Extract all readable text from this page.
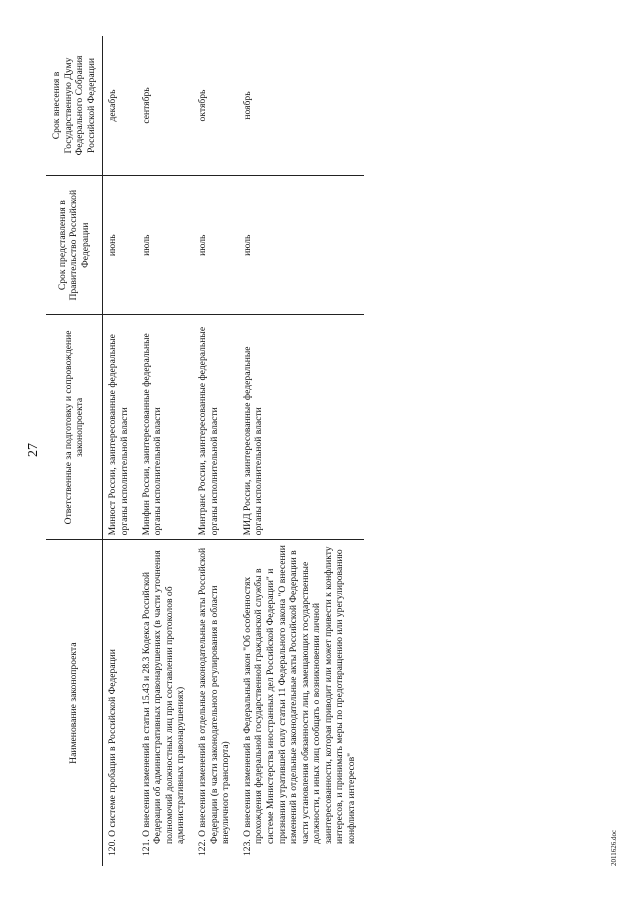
27
Наименование законопроекта	Ответственные за подготовку и сопровождение законопроекта	Срок представления в Правительство Российской Федерации	Срок внесения в Государственную Думу Федерального Собрания Российской Федерации
120. О системе пробации в Российской Федерации	Минюст России, заинтересованные федеральные органы исполнительной власти	июнь	декабрь
121. О внесении изменений в статьи 15.43 и 28.3 Кодекса Российской Федерации об административных правонарушениях (в части уточнения полномочий должностных лиц при составлении протоколов об административных правонарушениях)	Минфин России, заинтересованные федеральные органы исполнительной власти	июль	сентябрь
122. О внесении изменений в отдельные законодательные акты Российской Федерации (в части законодательного регулирования в области внеуличного транспорта)	Минтранс России, заинтересованные федеральные органы исполнительной власти	июль	октябрь
123. О внесении изменений в Федеральный закон "Об особенностях прохождения федеральной государственной гражданской службы в системе Министерства иностранных дел Российской Федерации" и признании утратившей силу статьи 11 Федерального закона "О внесении изменений в отдельные законодательные акты Российской Федерации в части установления обязанности лиц, замещающих государственные должности, и иных лиц сообщать о возникновении личной заинтересованности, которая приводит или может привести к конфликту интересов, и принимать меры по предотвращению или урегулированию конфликта интересов"	МИД России, заинтересованные федеральные органы исполнительной власти	июль	ноябрь
2011626.doc
